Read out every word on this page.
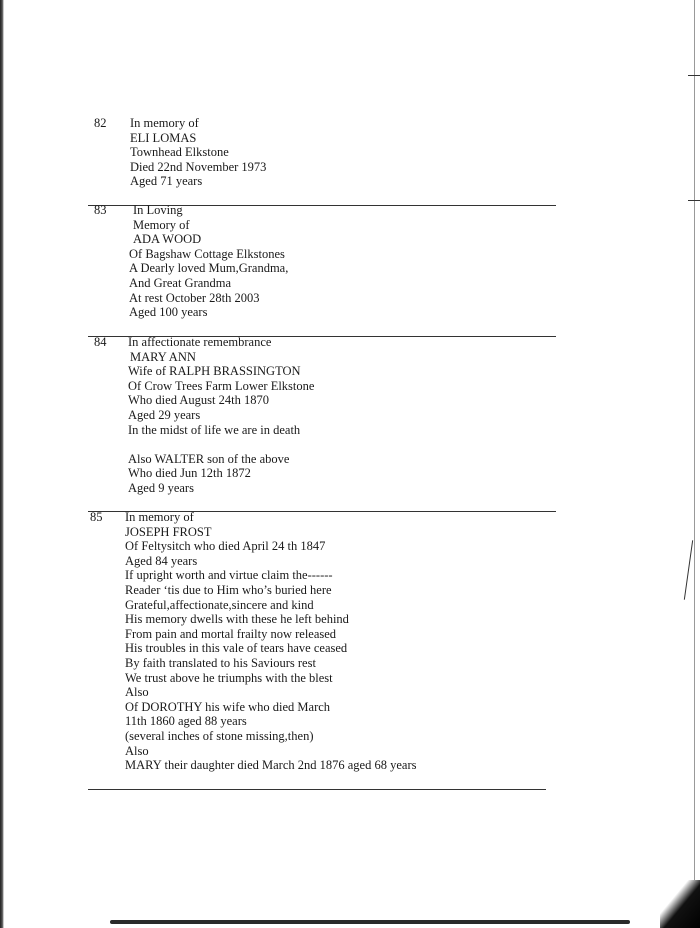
82 In memory of
ELI LOMAS
Townhead Elkstone
Died 22nd November 1973
Aged 71 years
83 In Loving
Memory of
ADA WOOD
Of Bagshaw Cottage Elkstones
A Dearly loved Mum,Grandma,
And Great Grandma
At rest October 28th 2003
Aged 100 years
84 In affectionate remembrance
MARY ANN
Wife of RALPH BRASSINGTON
Of Crow Trees Farm Lower Elkstone
Who died August 24th 1870
Aged 29 years
In the midst of life we are in death
Also WALTER son of the above
Who died Jun 12th 1872
Aged 9 years
85 In memory of
JOSEPH FROST
Of Feltysitch who died April 24 th 1847
Aged 84 years
If upright worth and virtue claim the------
Reader ‘tis due to Him who’s buried here
Grateful,affectionate,sincere and kind
His memory dwells with these he left behind
From pain and mortal frailty now released
His troubles in this vale of tears have ceased
By faith translated to his Saviours rest
We trust above he triumphs with the blest
Also
Of DOROTHY his wife who died March
11th 1860 aged 88 years
(several inches of stone missing,then)
Also
MARY their daughter died March 2nd 1876 aged 68 years
